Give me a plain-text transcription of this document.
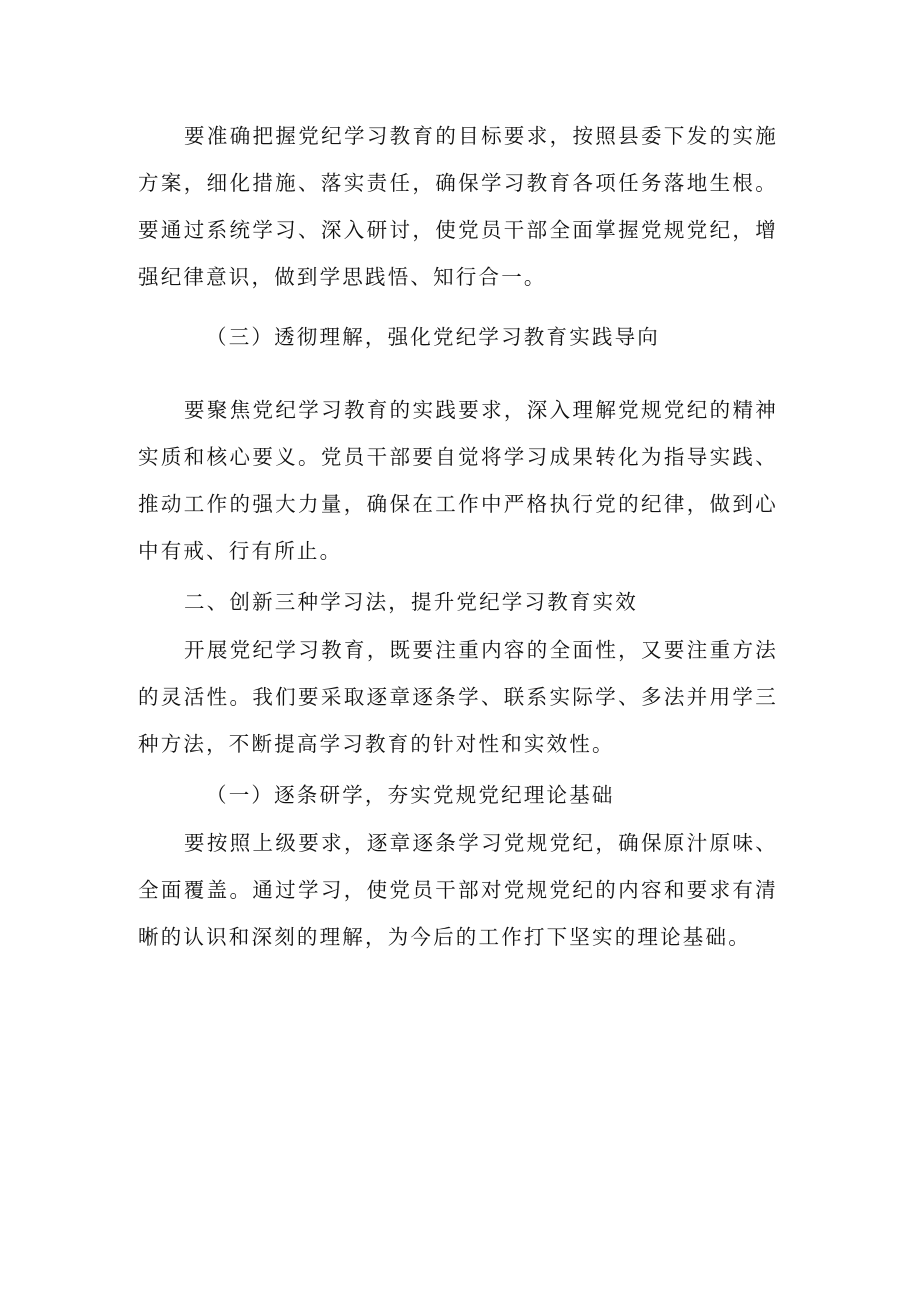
要准确把握党纪学习教育的目标要求，按照县委下发的实施方案，细化措施、落实责任，确保学习教育各项任务落地生根。要通过系统学习、深入研讨，使党员干部全面掌握党规党纪，增强纪律意识，做到学思践悟、知行合一。

（三）透彻理解，强化党纪学习教育实践导向

要聚焦党纪学习教育的实践要求，深入理解党规党纪的精神实质和核心要义。党员干部要自觉将学习成果转化为指导实践、推动工作的强大力量，确保在工作中严格执行党的纪律，做到心中有戒、行有所止。

二、创新三种学习法，提升党纪学习教育实效

开展党纪学习教育，既要注重内容的全面性，又要注重方法的灵活性。我们要采取逐章逐条学、联系实际学、多法并用学三种方法，不断提高学习教育的针对性和实效性。

（一）逐条研学，夯实党规党纪理论基础

要按照上级要求，逐章逐条学习党规党纪，确保原汁原味、全面覆盖。通过学习，使党员干部对党规党纪的内容和要求有清晰的认识和深刻的理解，为今后的工作打下坚实的理论基础。
